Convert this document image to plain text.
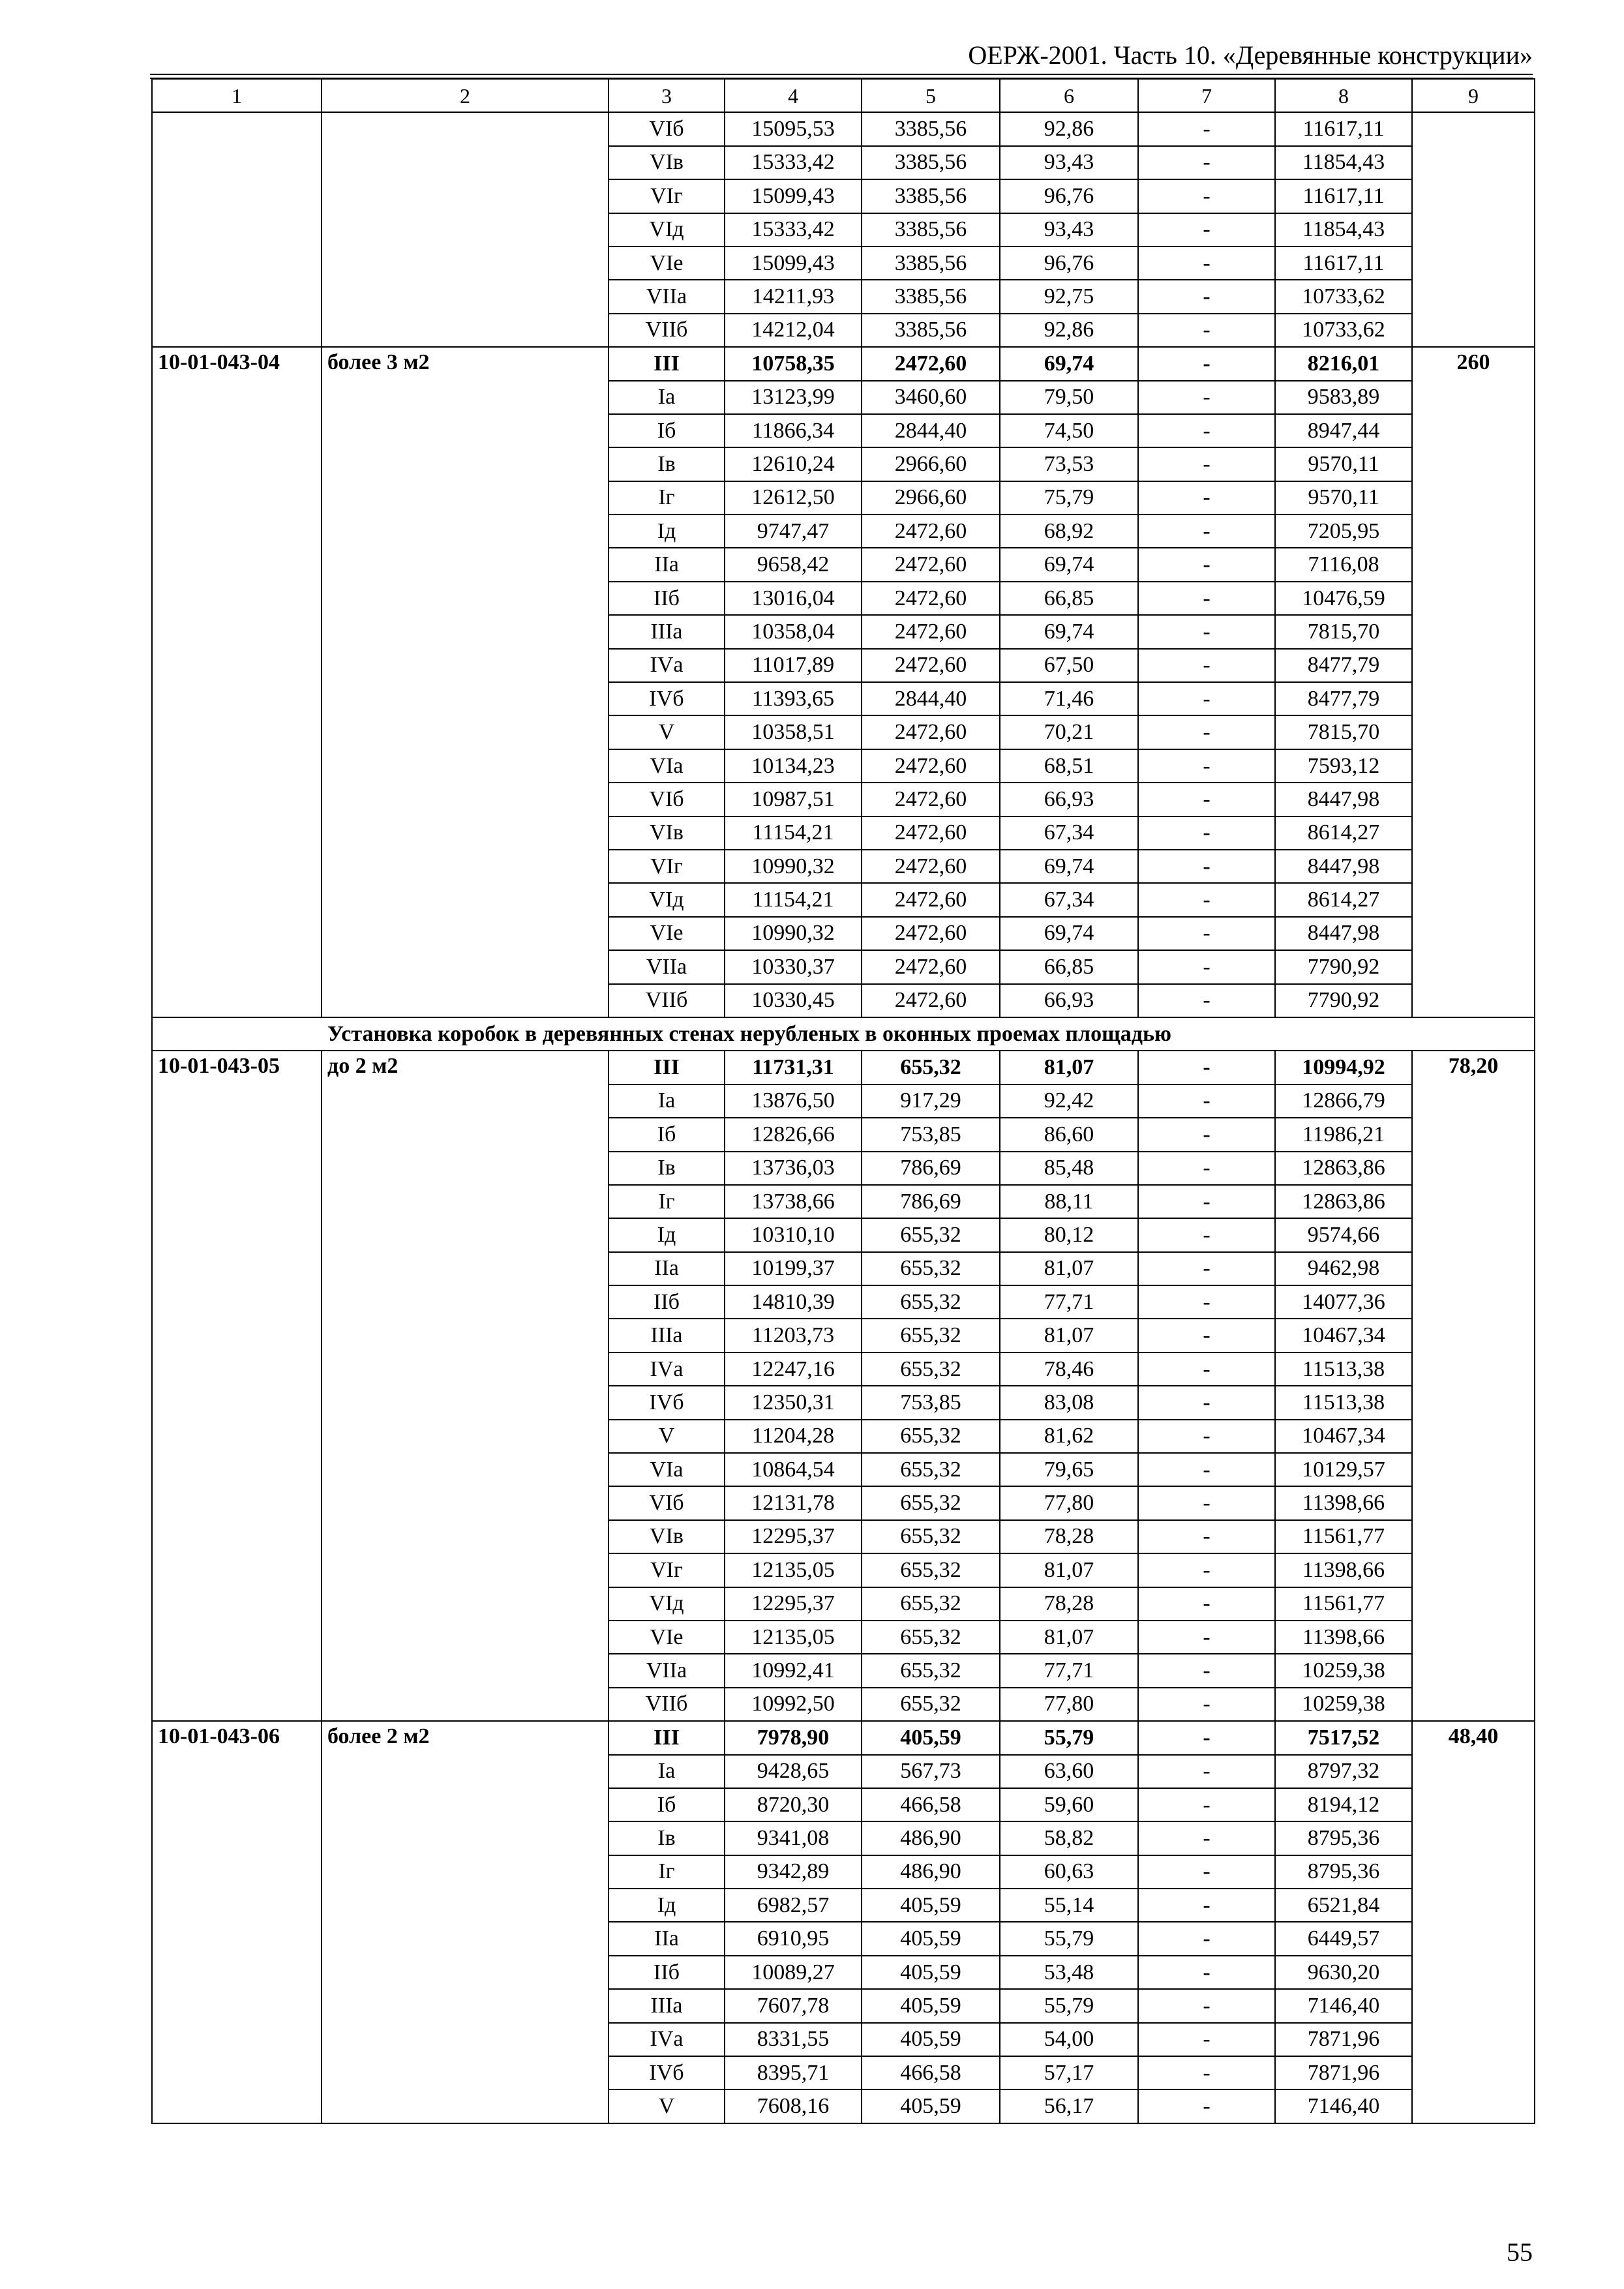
ОЕРЖ-2001. Часть 10. «Деревянные конструкции»
1	2	3	4	5	6	7	8	9
		VIб	15095,53	3385,56	92,86	-	11617,11	
		VIв	15333,42	3385,56	93,43	-	11854,43	
		VIг	15099,43	3385,56	96,76	-	11617,11	
		VIд	15333,42	3385,56	93,43	-	11854,43	
		VIе	15099,43	3385,56	96,76	-	11617,11	
		VIIа	14211,93	3385,56	92,75	-	10733,62	
		VIIб	14212,04	3385,56	92,86	-	10733,62	
10-01-043-04	более 3 м2	III	10758,35	2472,60	69,74	-	8216,01	260
		Iа	13123,99	3460,60	79,50	-	9583,89	
		Iб	11866,34	2844,40	74,50	-	8947,44	
		Iв	12610,24	2966,60	73,53	-	9570,11	
		Iг	12612,50	2966,60	75,79	-	9570,11	
		Iд	9747,47	2472,60	68,92	-	7205,95	
		IIа	9658,42	2472,60	69,74	-	7116,08	
		IIб	13016,04	2472,60	66,85	-	10476,59	
		IIIа	10358,04	2472,60	69,74	-	7815,70	
		IVа	11017,89	2472,60	67,50	-	8477,79	
		IVб	11393,65	2844,40	71,46	-	8477,79	
		V	10358,51	2472,60	70,21	-	7815,70	
		VIа	10134,23	2472,60	68,51	-	7593,12	
		VIб	10987,51	2472,60	66,93	-	8447,98	
		VIв	11154,21	2472,60	67,34	-	8614,27	
		VIг	10990,32	2472,60	69,74	-	8447,98	
		VIд	11154,21	2472,60	67,34	-	8614,27	
		VIе	10990,32	2472,60	69,74	-	8447,98	
		VIIа	10330,37	2472,60	66,85	-	7790,92	
		VIIб	10330,45	2472,60	66,93	-	7790,92	
Установка коробок в деревянных стенах нерубленых в оконных проемах площадью								
10-01-043-05	до 2 м2	III	11731,31	655,32	81,07	-	10994,92	78,20
		Iа	13876,50	917,29	92,42	-	12866,79	
		Iб	12826,66	753,85	86,60	-	11986,21	
		Iв	13736,03	786,69	85,48	-	12863,86	
		Iг	13738,66	786,69	88,11	-	12863,86	
		Iд	10310,10	655,32	80,12	-	9574,66	
		IIа	10199,37	655,32	81,07	-	9462,98	
		IIб	14810,39	655,32	77,71	-	14077,36	
		IIIа	11203,73	655,32	81,07	-	10467,34	
		IVа	12247,16	655,32	78,46	-	11513,38	
		IVб	12350,31	753,85	83,08	-	11513,38	
		V	11204,28	655,32	81,62	-	10467,34	
		VIа	10864,54	655,32	79,65	-	10129,57	
		VIб	12131,78	655,32	77,80	-	11398,66	
		VIв	12295,37	655,32	78,28	-	11561,77	
		VIг	12135,05	655,32	81,07	-	11398,66	
		VIд	12295,37	655,32	78,28	-	11561,77	
		VIе	12135,05	655,32	81,07	-	11398,66	
		VIIа	10992,41	655,32	77,71	-	10259,38	
		VIIб	10992,50	655,32	77,80	-	10259,38	
10-01-043-06	более 2 м2	III	7978,90	405,59	55,79	-	7517,52	48,40
		Iа	9428,65	567,73	63,60	-	8797,32	
		Iб	8720,30	466,58	59,60	-	8194,12	
		Iв	9341,08	486,90	58,82	-	8795,36	
		Iг	9342,89	486,90	60,63	-	8795,36	
		Iд	6982,57	405,59	55,14	-	6521,84	
		IIа	6910,95	405,59	55,79	-	6449,57	
		IIб	10089,27	405,59	53,48	-	9630,20	
		IIIа	7607,78	405,59	55,79	-	7146,40	
		IVа	8331,55	405,59	54,00	-	7871,96	
		IVб	8395,71	466,58	57,17	-	7871,96	
		V	7608,16	405,59	56,17	-	7146,40	
55
